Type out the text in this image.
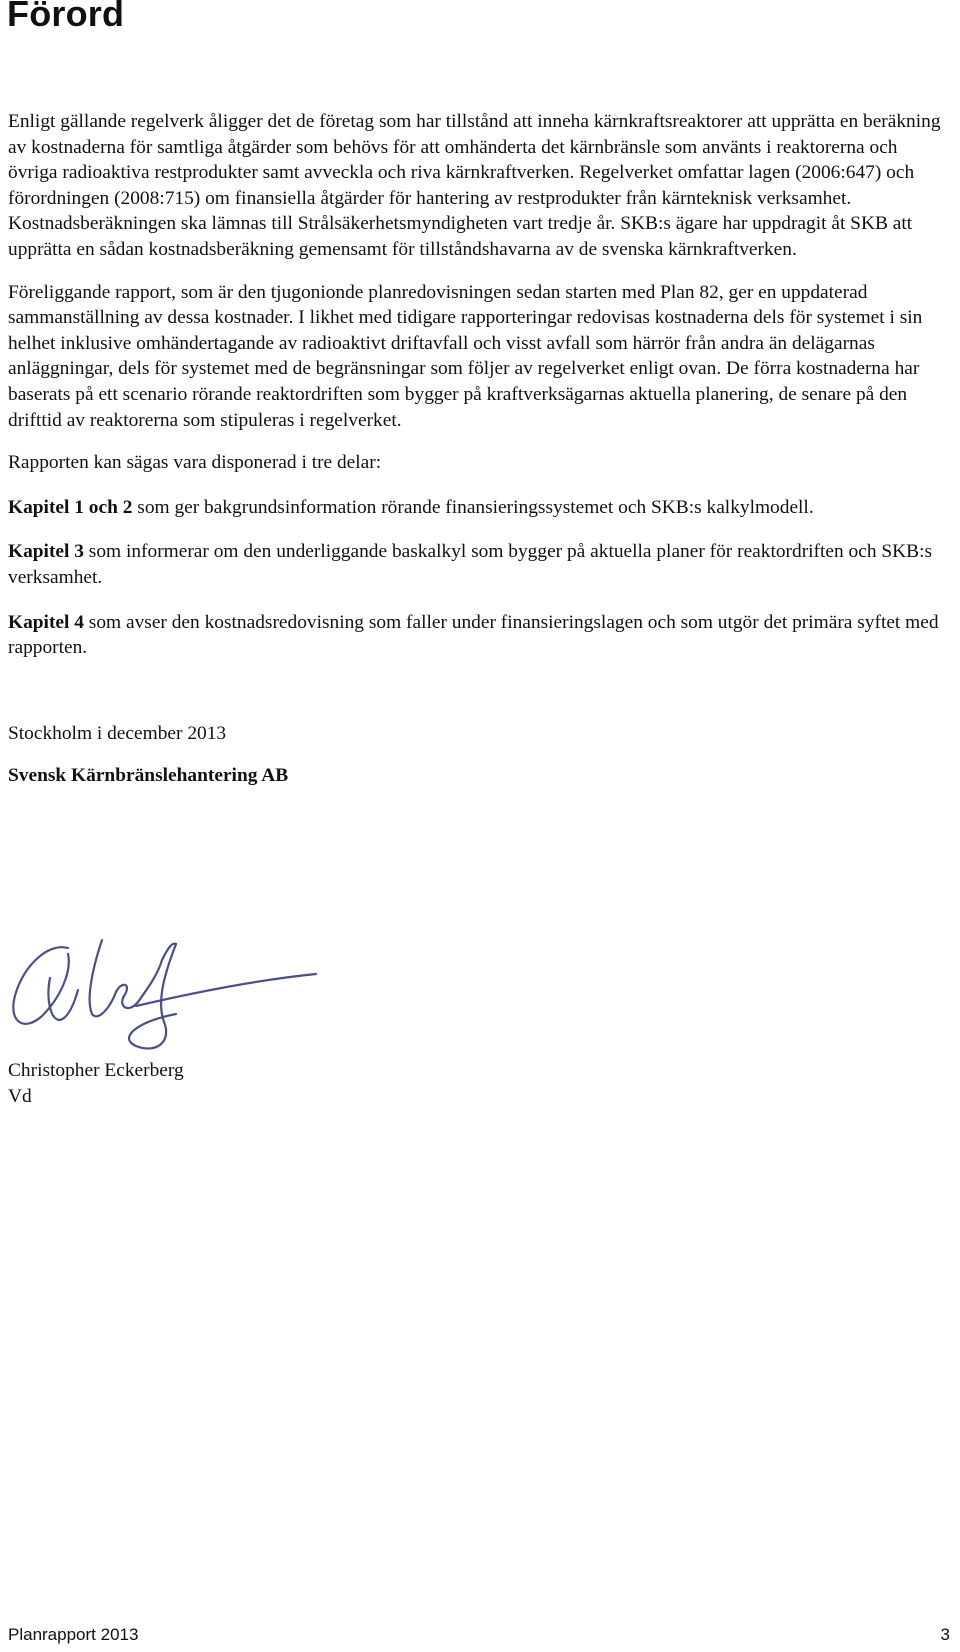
Förord

Enligt gällande regelverk åligger det de företag som har tillstånd att inneha kärnkraftsreaktorer att upprätta en beräkning av kostnaderna för samtliga åtgärder som behövs för att omhänderta det kärnbränsle som använts i reaktorerna och övriga radioaktiva restprodukter samt avveckla och riva kärnkraftverken. Regelverket omfattar lagen (2006:647) och förordningen (2008:715) om finansiella åtgärder för hantering av restprodukter från kärnteknisk verksamhet. Kostnadsberäkningen ska lämnas till Strålsäkerhetsmyndigheten vart tredje år. SKB:s ägare har uppdragit åt SKB att upprätta en sådan kostnadsberäkning gemensamt för tillståndshavarna av de svenska kärnkraftverken.

Föreliggande rapport, som är den tjugonionde planredovisningen sedan starten med Plan 82, ger en uppdaterad sammanställning av dessa kostnader. I likhet med tidigare rapporteringar redovisas kostnaderna dels för systemet i sin helhet inklusive omhändertagande av radioaktivt driftavfall och visst avfall som härrör från andra än delägarnas anläggningar, dels för systemet med de begränsningar som följer av regelverket enligt ovan. De förra kostnaderna har baserats på ett scenario rörande reaktordriften som bygger på kraftverksägarnas aktuella planering, de senare på den drifttid av reaktorerna som stipuleras i regelverket.

Rapporten kan sägas vara disponerad i tre delar:

Kapitel 1 och 2 som ger bakgrundsinformation rörande finansieringssystemet och SKB:s kalkylmodell.

Kapitel 3 som informerar om den underliggande baskalkyl som bygger på aktuella planer för reaktordriften och SKB:s verksamhet.

Kapitel 4 som avser den kostnadsredovisning som faller under finansieringslagen och som utgör det primära syftet med rapporten.

Stockholm i december 2013

Svensk Kärnbränslehantering AB

Christopher Eckerberg

Vd

Planrapport 2013	3
